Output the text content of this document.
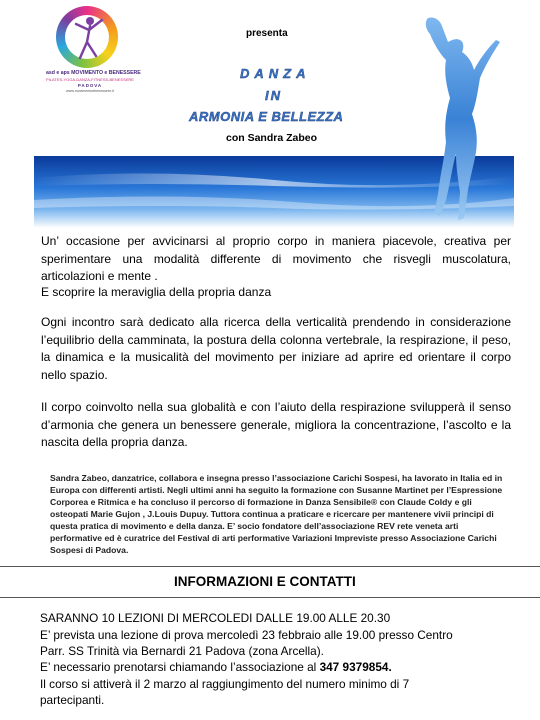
asd e aps MOVIMENTO e BENESSERE
PILATES-YOGA-DANZA-FITNESS-BENESSERE
PADOVA
www.movimentoebenessere.it
presenta
DANZA
IN
ARMONIA E BELLEZZA
con Sandra Zabeo

Un’ occasione per avvicinarsi al proprio corpo in maniera piacevole, creativa per sperimentare una modalità differente di movimento che risvegli muscolatura, articolazioni e mente .

E scoprire la meraviglia della propria danza

Ogni incontro sarà dedicato alla ricerca della verticalità prendendo in considerazione l’equilibrio della camminata, la postura della colonna vertebrale, la respirazione, il peso, la dinamica e la musicalità del movimento per iniziare ad aprire ed orientare il corpo nello spazio.

Il corpo coinvolto nella sua globalità e con l’aiuto della respirazione svilupperà il senso d’armonia che genera un benessere generale, migliora la concentrazione, l’ascolto e la nascita della propria danza.

Sandra Zabeo, danzatrice, collabora e insegna presso l’associazione Carichi Sospesi, ha lavorato in Italia ed in Europa con differenti artisti. Negli ultimi anni ha seguito la formazione con Susanne Martinet per l’Espressione Corporea e Ritmica e ha concluso il percorso di formazione in Danza Sensibile® con Claude Coldy e gli osteopati Marie Gujon , J.Louis Dupuy. Tuttora continua a praticare e ricercare per mantenere vivii principi di questa pratica di movimento e della danza. E’ socio fondatore dell’associazione REV rete veneta arti performative ed è curatrice del Festival di arti performative Variazioni Impreviste presso Associazione Carichi Sospesi di Padova.

INFORMAZIONI E CONTATTI

SARANNO 10 LEZIONI DI MERCOLEDI DALLE 19.00 ALLE 20.30

E’ prevista una lezione di prova mercoledì 23 febbraio alle 19.00 presso Centro

Parr. SS Trinità via Bernardi 21 Padova (zona Arcella).

E’ necessario prenotarsi chiamando l’associazione al 347 9379854.

Il corso si attiverà il 2 marzo al raggiungimento del numero minimo di 7

partecipanti.
